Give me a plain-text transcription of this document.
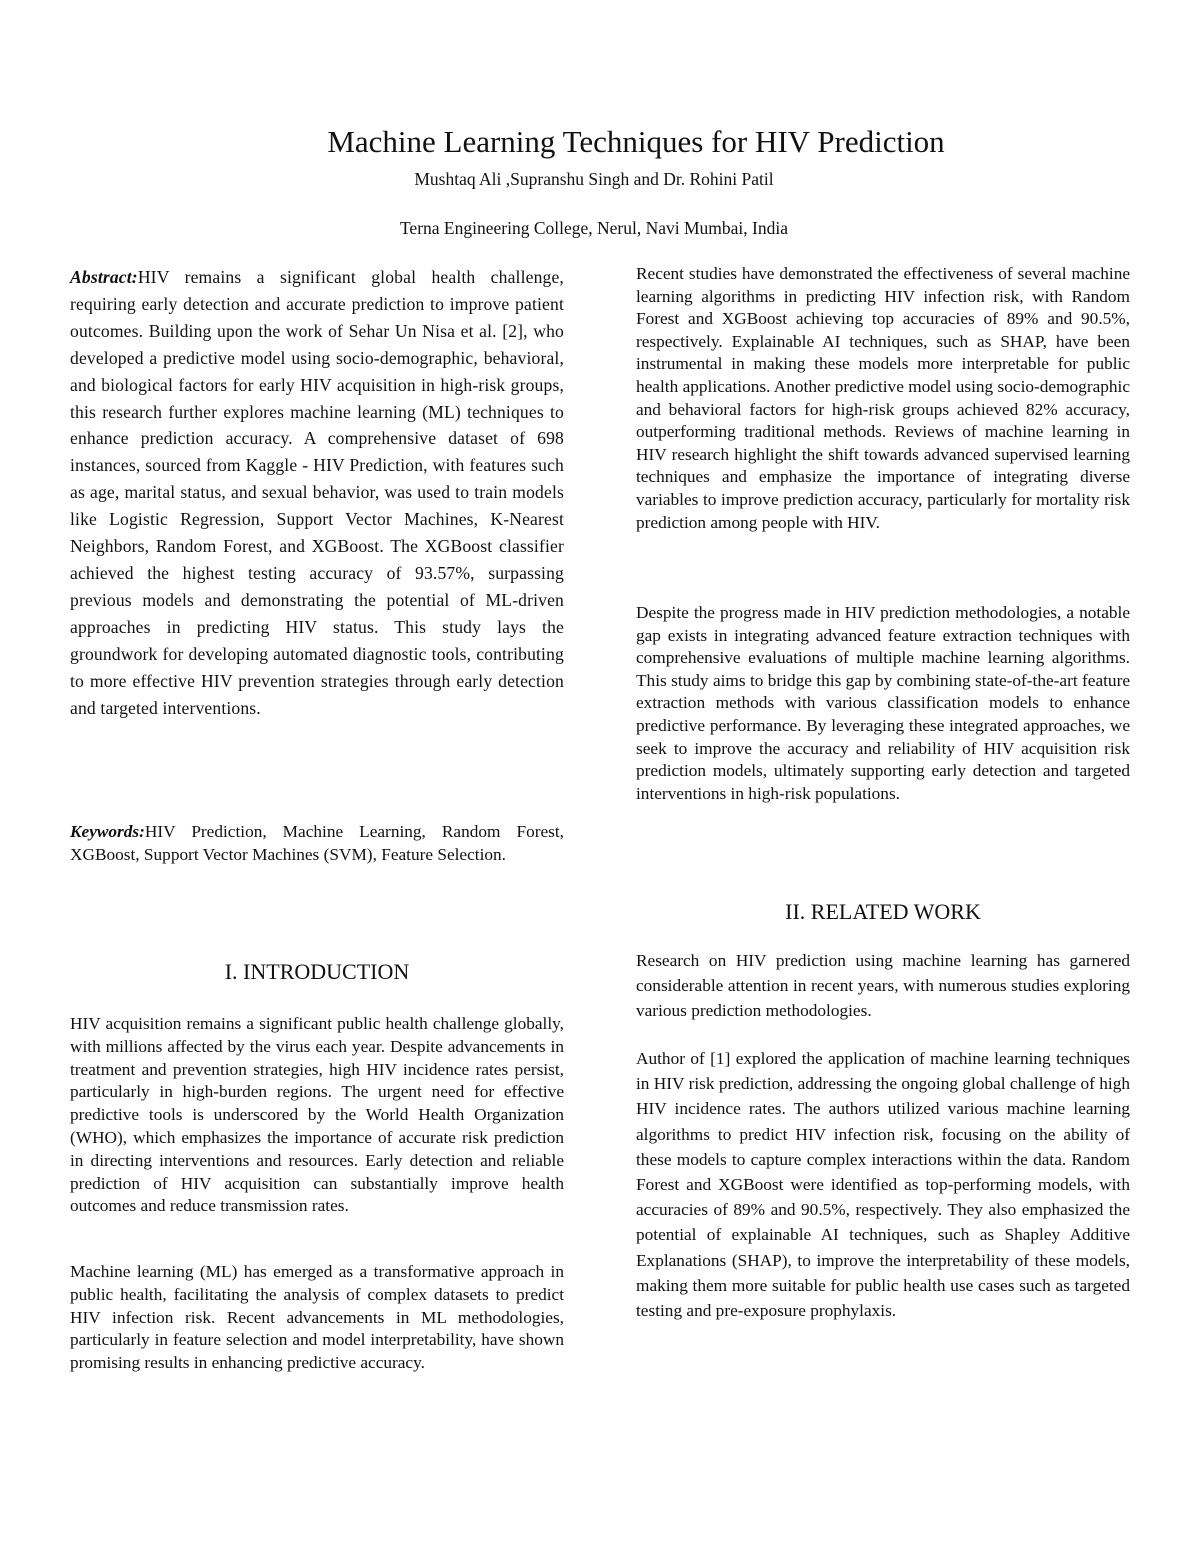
Machine Learning Techniques for HIV Prediction

Mushtaq Ali ,Supranshu Singh and Dr. Rohini Patil

Terna Engineering College, Nerul, Navi Mumbai, India

Abstract:HIV remains a significant global health challenge, requiring early detection and accurate prediction to improve patient outcomes. Building upon the work of Sehar Un Nisa et al. [2], who developed a predictive model using socio-demographic, behavioral, and biological factors for early HIV acquisition in high-risk groups, this research further explores machine learning (ML) techniques to enhance prediction accuracy. A comprehensive dataset of 698 instances, sourced from Kaggle - HIV Prediction, with features such as age, marital status, and sexual behavior, was used to train models like Logistic Regression, Support Vector Machines, K-Nearest Neighbors, Random Forest, and XGBoost. The XGBoost classifier achieved the highest testing accuracy of 93.57%, surpassing previous models and demonstrating the potential of ML-driven approaches in predicting HIV status. This study lays the groundwork for developing automated diagnostic tools, contributing to more effective HIV prevention strategies through early detection and targeted interventions.

Keywords:HIV Prediction, Machine Learning, Random Forest, XGBoost, Support Vector Machines (SVM), Feature Selection.

I. INTRODUCTION

HIV acquisition remains a significant public health challenge globally, with millions affected by the virus each year. Despite advancements in treatment and prevention strategies, high HIV incidence rates persist, particularly in high-burden regions. The urgent need for effective predictive tools is underscored by the World Health Organization (WHO), which emphasizes the importance of accurate risk prediction in directing interventions and resources. Early detection and reliable prediction of HIV acquisition can substantially improve health outcomes and reduce transmission rates.

Machine learning (ML) has emerged as a transformative approach in public health, facilitating the analysis of complex datasets to predict HIV infection risk. Recent advancements in ML methodologies, particularly in feature selection and model interpretability, have shown promising results in enhancing predictive accuracy.

Recent studies have demonstrated the effectiveness of several machine learning algorithms in predicting HIV infection risk, with Random Forest and XGBoost achieving top accuracies of 89% and 90.5%, respectively. Explainable AI techniques, such as SHAP, have been instrumental in making these models more interpretable for public health applications. Another predictive model using socio-demographic and behavioral factors for high-risk groups achieved 82% accuracy, outperforming traditional methods. Reviews of machine learning in HIV research highlight the shift towards advanced supervised learning techniques and emphasize the importance of integrating diverse variables to improve prediction accuracy, particularly for mortality risk prediction among people with HIV.

Despite the progress made in HIV prediction methodologies, a notable gap exists in integrating advanced feature extraction techniques with comprehensive evaluations of multiple machine learning algorithms. This study aims to bridge this gap by combining state-of-the-art feature extraction methods with various classification models to enhance predictive performance. By leveraging these integrated approaches, we seek to improve the accuracy and reliability of HIV acquisition risk prediction models, ultimately supporting early detection and targeted interventions in high-risk populations.

II. RELATED WORK

Research on HIV prediction using machine learning has garnered considerable attention in recent years, with numerous studies exploring various prediction methodologies.

Author of [1] explored the application of machine learning techniques in HIV risk prediction, addressing the ongoing global challenge of high HIV incidence rates. The authors utilized various machine learning algorithms to predict HIV infection risk, focusing on the ability of these models to capture complex interactions within the data. Random Forest and XGBoost were identified as top-performing models, with accuracies of 89% and 90.5%, respectively. They also emphasized the potential of explainable AI techniques, such as Shapley Additive Explanations (SHAP), to improve the interpretability of these models, making them more suitable for public health use cases such as targeted testing and pre-exposure prophylaxis.
